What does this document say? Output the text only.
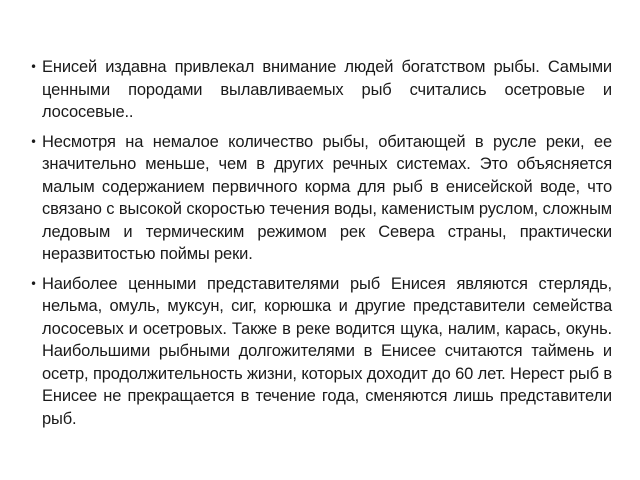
• Енисей издавна привлекал внимание людей богатством рыбы. Самыми ценными породами вылавливаемых рыб считались осетровые и лососевые..
• Несмотря на немалое количество рыбы, обитающей в русле реки, ее значительно меньше, чем в других речных системах. Это объясняется малым содержанием первичного корма для рыб в енисейской воде, что связано с высокой скоростью течения воды, каменистым руслом, сложным ледовым и термическим режимом рек Севера страны, практически неразвитостью поймы реки.
• Наиболее ценными представителями рыб Енисея являются стерлядь, нельма, омуль, муксун, сиг, корюшка и другие представители семейства лососевых и осетровых. Также в реке водится щука, налим, карась, окунь. Наибольшими рыбными долгожителями в Енисее считаются таймень и осетр, продолжительность жизни, которых доходит до 60 лет. Нерест рыб в Енисее не прекращается в течение года, сменяются лишь представители рыб.
